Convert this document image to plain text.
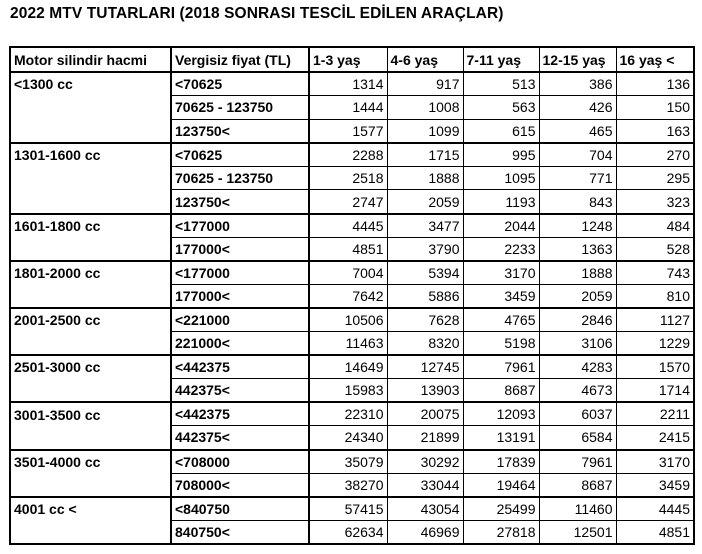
2022 MTV TUTARLARI (2018 SONRASI TESCİL EDİLEN ARAÇLAR)
Motor silindir hacmi	Vergisiz fiyat (TL)	1-3 yaş	4-6 yaş	7-11 yaş	12-15 yaş	16 yaş <
<1300 cc	<70625	1314	917	513	386	136
	70625 - 123750	1444	1008	563	426	150
	123750<	1577	1099	615	465	163
1301-1600 cc	<70625	2288	1715	995	704	270
	70625 - 123750	2518	1888	1095	771	295
	123750<	2747	2059	1193	843	323
1601-1800 cc	<177000	4445	3477	2044	1248	484
	177000<	4851	3790	2233	1363	528
1801-2000 cc	<177000	7004	5394	3170	1888	743
	177000<	7642	5886	3459	2059	810
2001-2500 cc	<221000	10506	7628	4765	2846	1127
	221000<	11463	8320	5198	3106	1229
2501-3000 cc	<442375	14649	12745	7961	4283	1570
	442375<	15983	13903	8687	4673	1714
3001-3500 cc	<442375	22310	20075	12093	6037	2211
	442375<	24340	21899	13191	6584	2415
3501-4000 cc	<708000	35079	30292	17839	7961	3170
	708000<	38270	33044	19464	8687	3459
4001 cc <	<840750	57415	43054	25499	11460	4445
	840750<	62634	46969	27818	12501	4851
